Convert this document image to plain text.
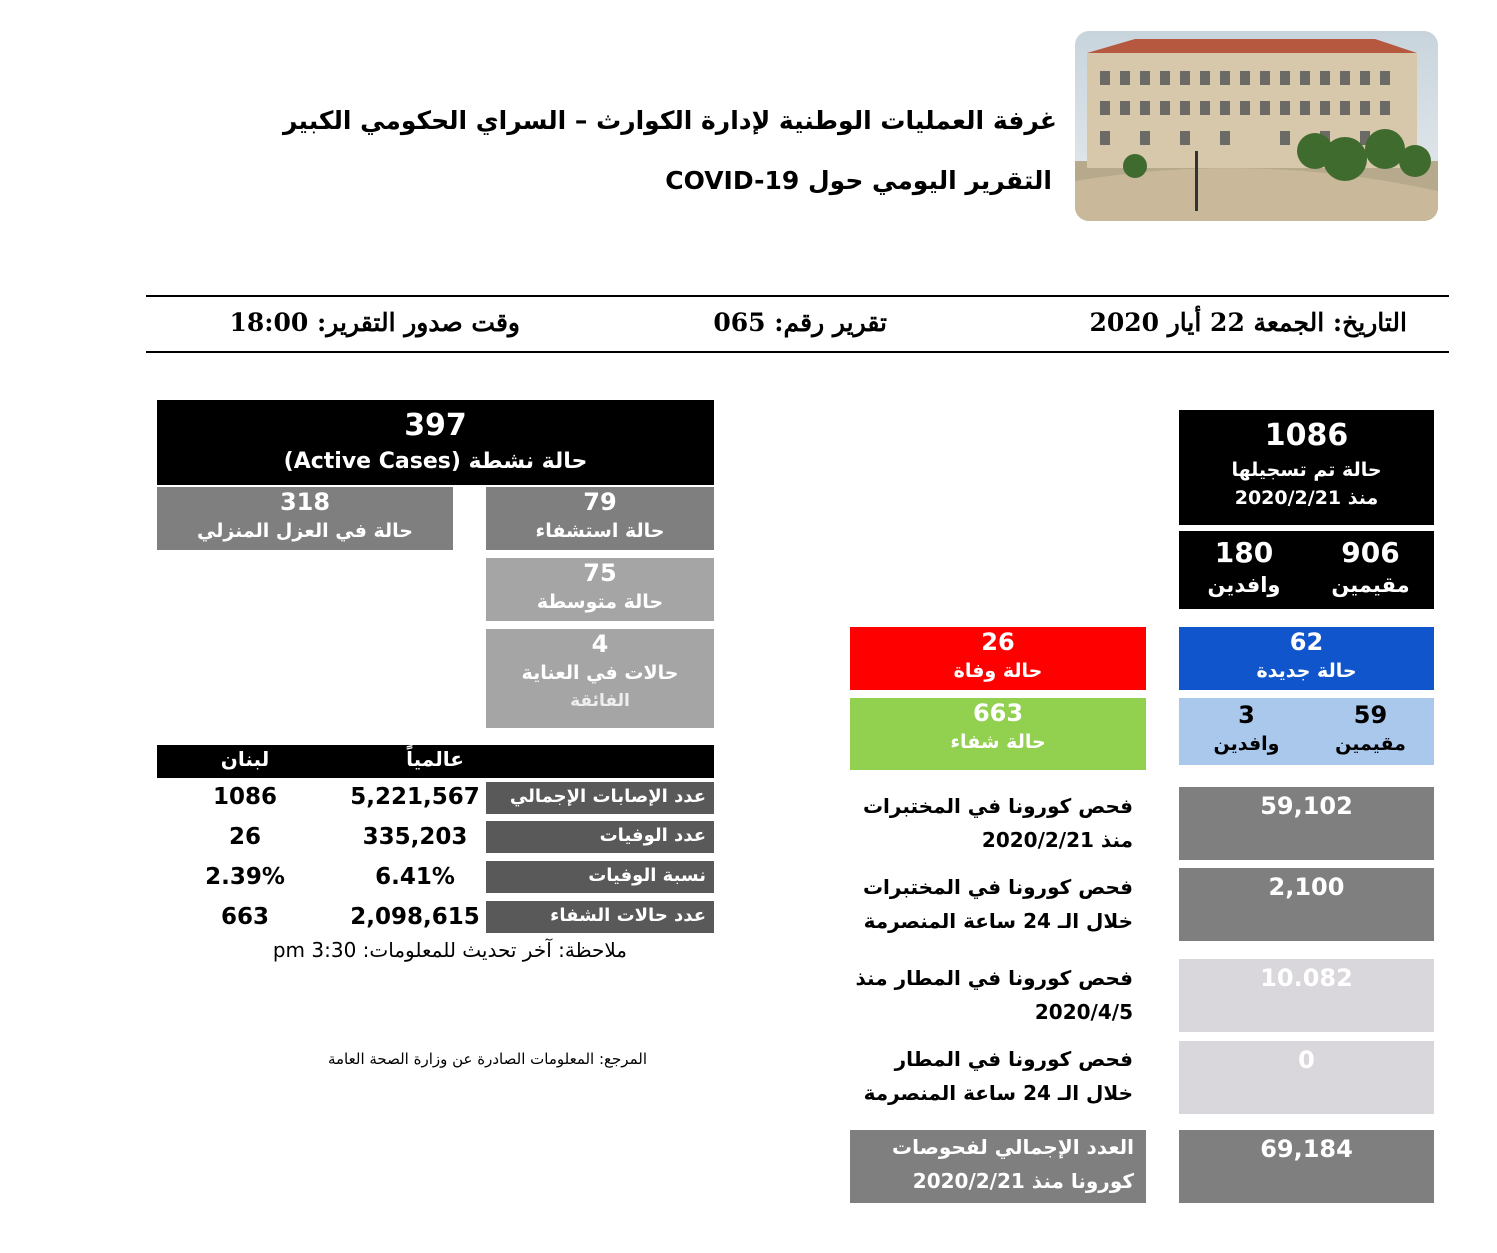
غرفة العمليات الوطنية لإدارة الكوارث – السراي الحكومي الكبير
التقرير اليومي حول COVID-19
التاريخ: الجمعة 22 أيار 2020
تقرير رقم: 065
وقت صدور التقرير: 18:00
397
حالة نشطة (Active Cases)
318
حالة في العزل المنزلي
79
حالة استشفاء
75
حالة متوسطة
4
حالات في العناية
الفائقة
1086
حالة تم تسجيلها
منذ 2020/2/21
906
مقيمين
180
وافدين
62
حالة جديدة
59
مقيمين
3
وافدين
26
حالة وفاة
663
حالة شفاء
59,102
فحص كورونا في المختبرات
منذ 2020/2/21
2,100
فحص كورونا في المختبرات
خلال الـ 24 ساعة المنصرمة
10.082
فحص كورونا في المطار منذ
2020/4/5
0
فحص كورونا في المطار
خلال الـ 24 ساعة المنصرمة
69,184
العدد الإجمالي لفحوصات
كورونا منذ 2020/2/21
عالمياً
لبنان
عدد الإصابات الإجمالي
5,221,567
1086
عدد الوفيات
335,203
26
نسبة الوفيات
6.41%
2.39%
عدد حالات الشفاء
2,098,615
663
ملاحظة: آخر تحديث للمعلومات: 3:30 pm
المرجع: المعلومات الصادرة عن وزارة الصحة العامة
